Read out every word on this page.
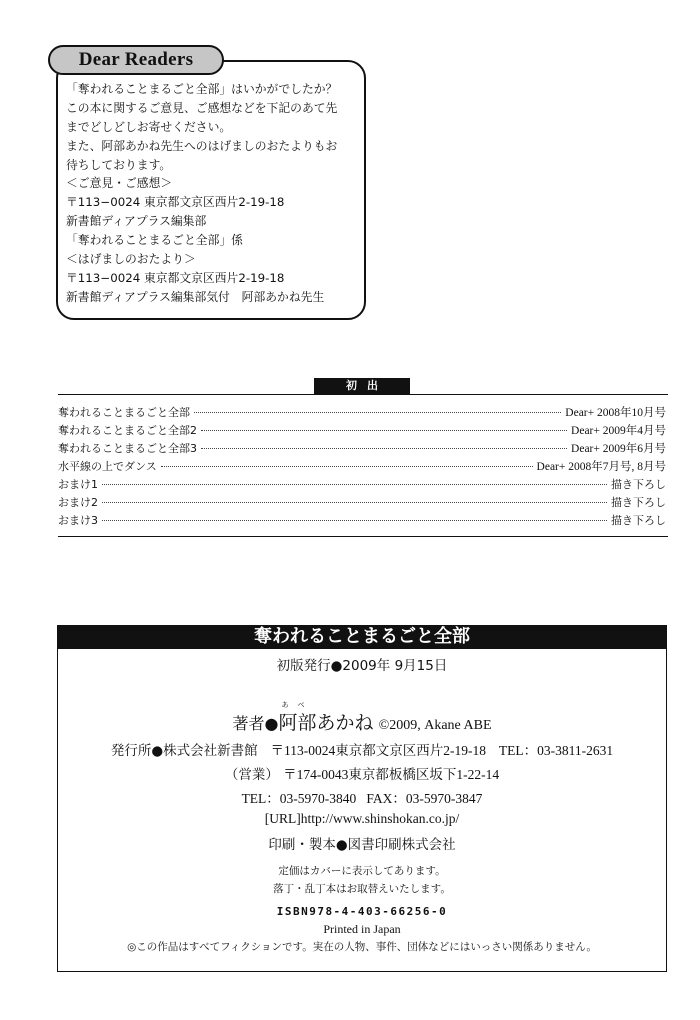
Dear Readers
「奪われることまるごと全部」はいかがでしたか？
この本に関するご意見、ご感想などを下記のあて先
までどしどしお寄せください。
また、阿部あかね先生へのはげましのおたよりもお
待ちしております。
＜ご意見・ご感想＞
〒113−0024 東京都文京区西片2-19-18
新書館ディアプラス編集部
「奪われることまるごと全部」係
＜はげましのおたより＞
〒113−0024 東京都文京区西片2-19-18
新書館ディアプラス編集部気付　阿部あかね先生
初出
奪われることまるごと全部	Dear+ 2008年10月号
奪われることまるごと全部2	Dear+ 2009年4月号
奪われることまるごと全部3	Dear+ 2009年6月号
水平線の上でダンス	Dear+ 2008年7月号, 8月号
おまけ1	描き下ろし
おまけ2	描き下ろし
おまけ3	描き下ろし
奪われることまるごと全部
初版発行●2009年 9月15日
著者●
あべ
阿部あかね ©2009, Akane ABE
発行所●株式会社新書館 〒113-0024東京都文京区西片2-19-18 TEL：03-3811-2631
（営業） 〒174-0043東京都板橋区坂下1-22-14
TEL：03-5970-3840 FAX：03-5970-3847
[URL]http://www.shinshokan.co.jp/
印刷・製本●図書印刷株式会社
定価はカバーに表示してあります。
落丁・乱丁本はお取替えいたします。
ISBN978-4-403-66256-0
Printed in Japan
◎この作品はすべてフィクションです。実在の人物、事件、団体などにはいっさい関係ありません。
